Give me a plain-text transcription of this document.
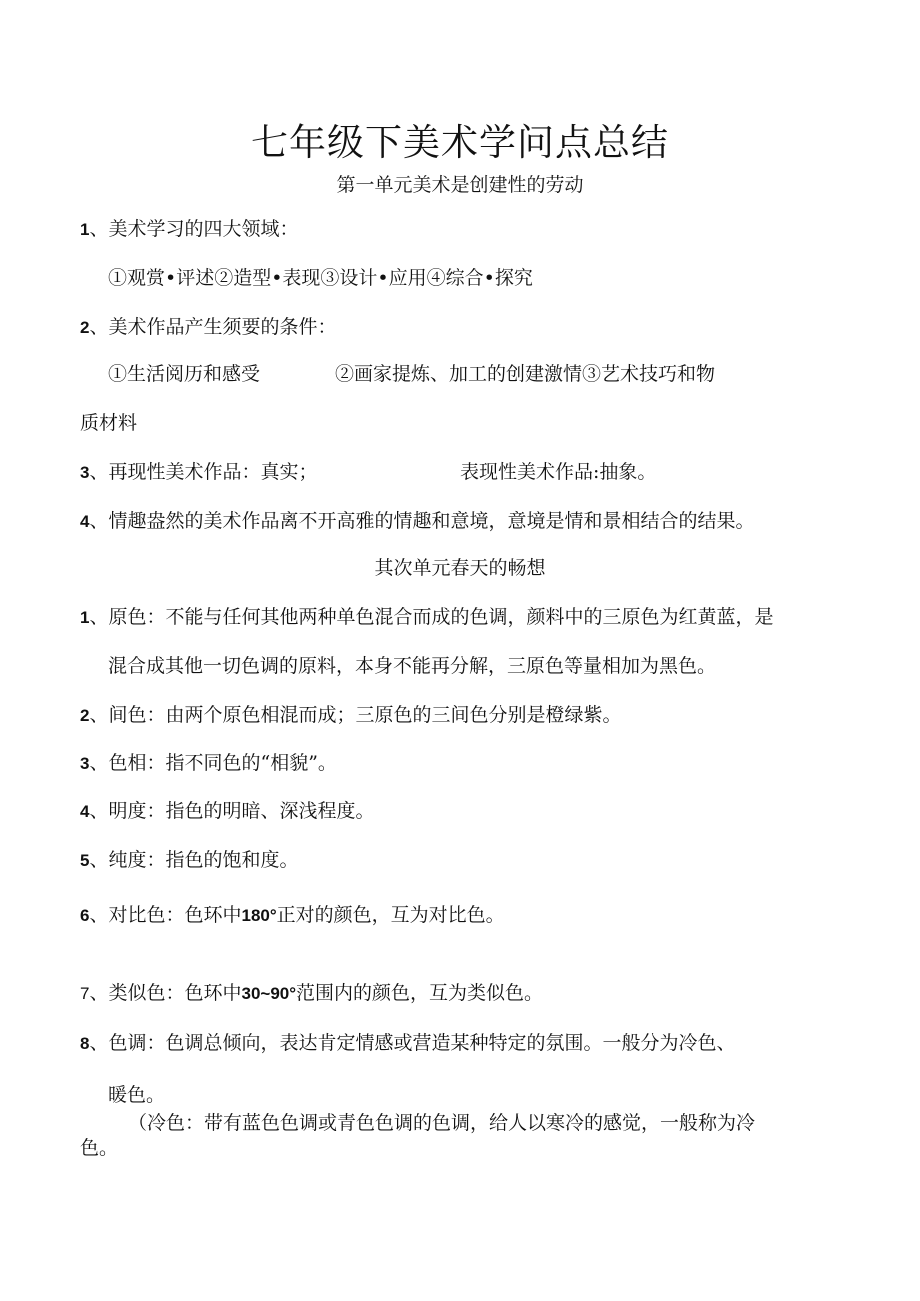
七年级下美术学问点总结
第一单元美术是创建性的劳动
1、美术学习的四大领域：
①观赏•评述②造型•表现③设计•应用④综合•探究
2、美术作品产生须要的条件：
①生活阅历和感受	②画家提炼、加工的创建激情③艺术技巧和物
质材料
3、再现性美术作品：真实；	表现性美术作品:抽象。
4、情趣盎然的美术作品离不开高雅的情趣和意境，意境是情和景相结合的结果。
其次单元春天的畅想
1、原色：不能与任何其他两种单色混合而成的色调，颜料中的三原色为红黄蓝，是
混合成其他一切色调的原料，本身不能再分解，三原色等量相加为黑色。
2、间色：由两个原色相混而成；三原色的三间色分别是橙绿紫。
3、色相：指不同色的“相貌”。
4、明度：指色的明暗、深浅程度。
5、纯度：指色的饱和度。
6、对比色：色环中180°正对的颜色，互为对比色。
7、类似色：色环中30~90°范围内的颜色，互为类似色。
8、色调：色调总倾向，表达肯定情感或营造某种特定的氛围。一般分为冷色、
暖色。
（冷色：带有蓝色色调或青色色调的色调，给人以寒冷的感觉，一般称为冷
色。
